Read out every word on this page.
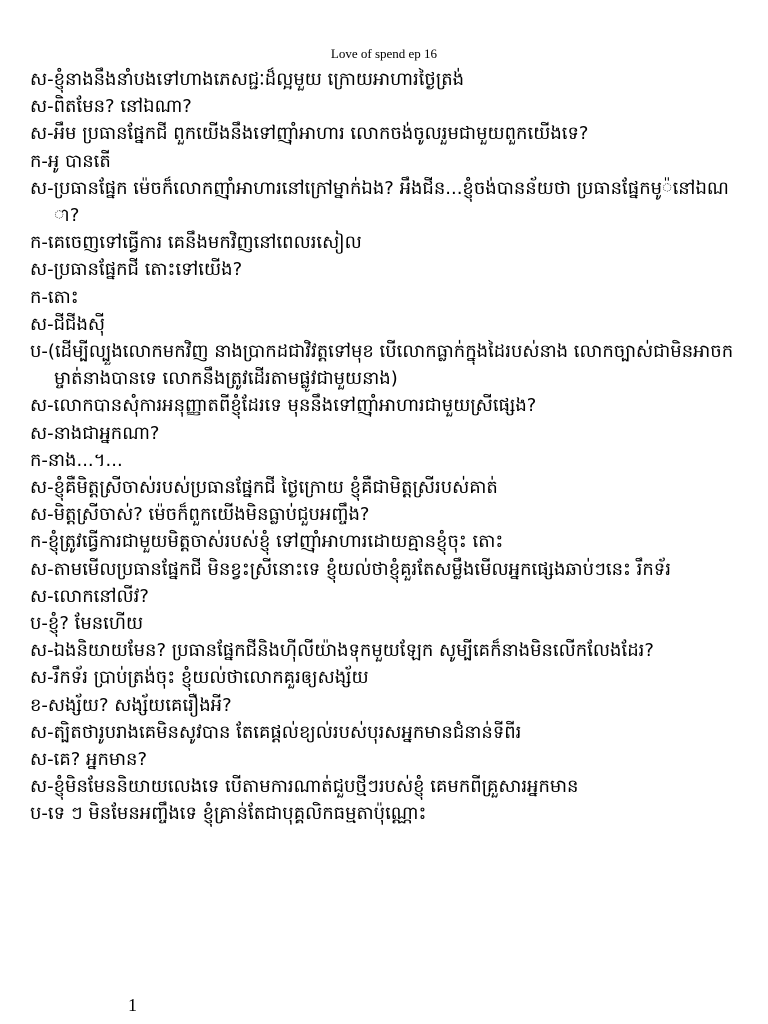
Love of spend ep 16
ស-ខ្ញុំនាងនឹងនាំបងទៅហាងភេសជ្ជៈដ៏ល្អមួយ ក្រោយអាហារថ្ងៃត្រង់
ស-ពិតមែន? នៅឯណា?
ស-អឹម ប្រធានផ្នែកជី ពួកយើងនឹងទៅញ៉ាំអាហារ លោកចង់ចូលរួមជាមួយពួកយើងទេ?
ក-អូ បានតើ
ស-ប្រធានផ្នែក ម៉េចក៏លោកញ៉ាំអាហារនៅក្រៅម្នាក់ឯង? អឹងជីន...ខ្ញុំចង់បានន័យថា ប្រធានផ្នែកមូ៉នៅឯណា?
ក-គេចេញទៅធ្វើការ គេនឹងមកវិញនៅពេលរសៀល
ស-ប្រធានផ្នែកជី តោះទៅយើង?
ក-តោះ
ស-ជីជីងស៊ី
ប-(ដើម្បីល្បួងលោកមកវិញ នាងប្រាកដជាវិវត្តទៅមុខ បើលោកធ្លាក់ក្នុងដៃរបស់នាង លោកច្បាស់ជាមិនអាចកម្ចាត់នាងបានទេ លោកនឹងត្រូវដើរតាមផ្លូវជាមួយនាង)
ស-លោកបានសុំការអនុញ្ញាតពីខ្ញុំដែរទេ មុននឹងទៅញ៉ាំអាហារជាមួយស្រីផ្សេង?
ស-នាងជាអ្នកណា?
ក-នាង...។...
ស-ខ្ញុំគឺមិត្តស្រីចាស់របស់ប្រធានផ្នែកជី ថ្ងៃក្រោយ ខ្ញុំគឺជាមិត្តស្រីរបស់គាត់
ស-មិត្តស្រីចាស់? ម៉េចក៏ពួកយើងមិនធ្លាប់ជួបអញ្ចឹង?
ក-ខ្ញុំត្រូវធ្វើការជាមួយមិត្តចាស់របស់ខ្ញុំ ទៅញ៉ាំអាហារដោយគ្មានខ្ញុំចុះ តោះ
ស-តាមមើលប្រធានផ្នែកជី មិនខ្វះស្រីនោះទេ ខ្ញុំយល់ថាខ្ញុំគួរតែសម្លឹងមើលអ្នកផ្សេងឆាប់ៗនេះ រឹកទ័រ
ស-លោកនៅលីវ?
ប-ខ្ញុំ? មែនហើយ
ស-ឯងនិយាយមែន? ប្រធានផ្នែកជីនិងហ៊ីលីយ៉ាងទុកមួយឡែក សូម្បីគេក៏នាងមិនលើកលែងដែរ?
ស-រឹកទ័រ ប្រាប់ត្រង់ចុះ ខ្ញុំយល់ថាលោកគួរឲ្យសង្ស័យ
ខ-សង្ស័យ? សង្ស័យគេរឿងអី?
ស-ត្បិតថារូបរាងគេមិនសូវបាន តែគេផ្តល់ខ្យល់របស់បុរសអ្នកមានជំនាន់ទីពីរ
ស-គេ? អ្នកមាន?
ស-ខ្ញុំមិនមែននិយាយលេងទេ បើតាមការណាត់ជួបថ្មីៗរបស់ខ្ញុំ គេមកពីគ្រួសារអ្នកមាន
ប-ទេ ៗ មិនមែនអញ្ចឹងទេ ខ្ញុំគ្រាន់តែជាបុគ្គលិកធម្មតាប៉ុណ្ណោះ
1
